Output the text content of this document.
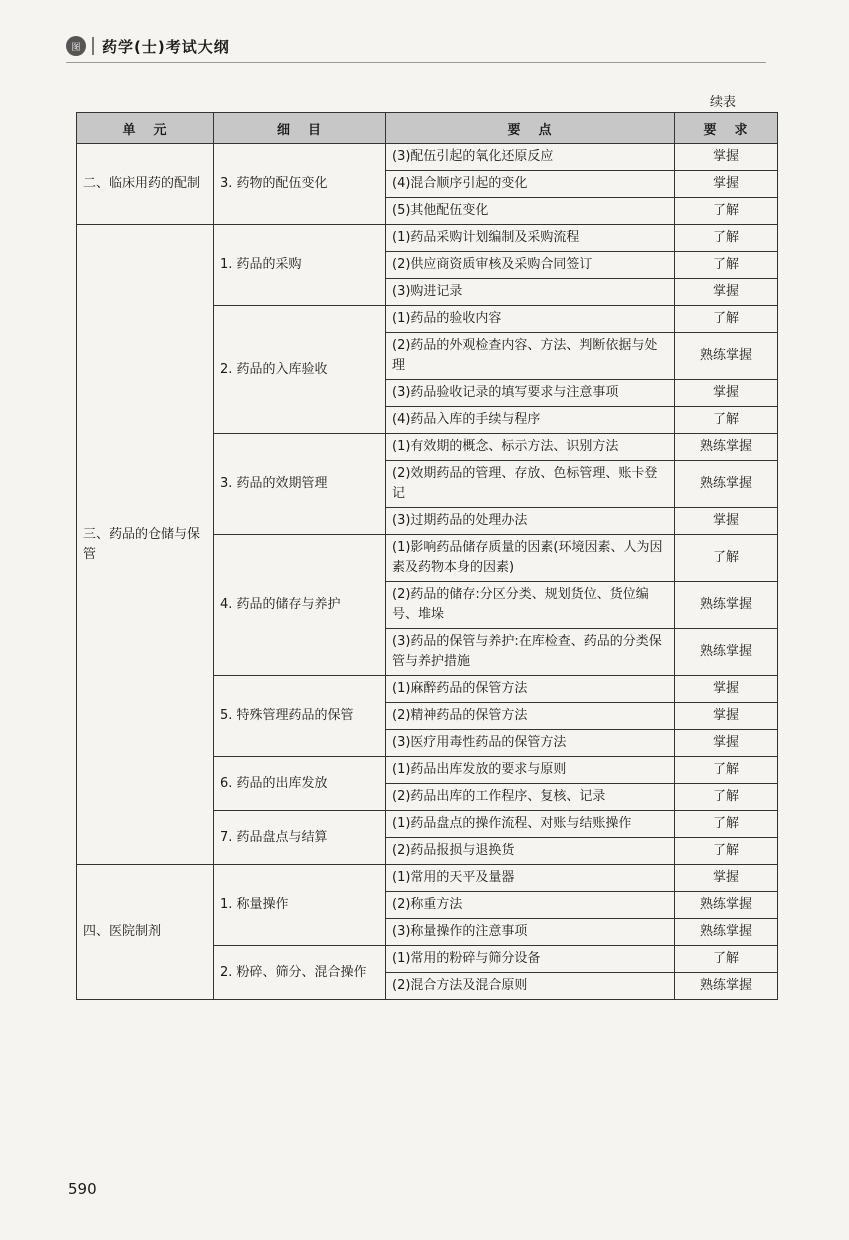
图	药学(士)考试大纲
续表
单元	细目	要点	要求
二、临床用药的配制	3. 药物的配伍变化	(3)配伍引起的氧化还原反应	掌握
		(4)混合顺序引起的变化	掌握
		(5)其他配伍变化	了解
三、药品的仓储与保管	1. 药品的采购	(1)药品采购计划编制及采购流程	了解
		(2)供应商资质审核及采购合同签订	了解
		(3)购进记录	掌握
	2. 药品的入库验收	(1)药品的验收内容	了解
		(2)药品的外观检查内容、方法、判断依据与处理	熟练掌握
		(3)药品验收记录的填写要求与注意事项	掌握
		(4)药品入库的手续与程序	了解
	3. 药品的效期管理	(1)有效期的概念、标示方法、识别方法	熟练掌握
		(2)效期药品的管理、存放、色标管理、账卡登记	熟练掌握
		(3)过期药品的处理办法	掌握
	4. 药品的储存与养护	(1)影响药品储存质量的因素(环境因素、人为因素及药物本身的因素)	了解
		(2)药品的储存:分区分类、规划货位、货位编号、堆垛	熟练掌握
		(3)药品的保管与养护:在库检查、药品的分类保管与养护措施	熟练掌握
	5. 特殊管理药品的保管	(1)麻醉药品的保管方法	掌握
		(2)精神药品的保管方法	掌握
		(3)医疗用毒性药品的保管方法	掌握
	6. 药品的出库发放	(1)药品出库发放的要求与原则	了解
		(2)药品出库的工作程序、复核、记录	了解
	7. 药品盘点与结算	(1)药品盘点的操作流程、对账与结账操作	了解
		(2)药品报损与退换货	了解
四、医院制剂	1. 称量操作	(1)常用的天平及量器	掌握
		(2)称重方法	熟练掌握
		(3)称量操作的注意事项	熟练掌握
	2. 粉碎、筛分、混合操作	(1)常用的粉碎与筛分设备	了解
		(2)混合方法及混合原则	熟练掌握
590
